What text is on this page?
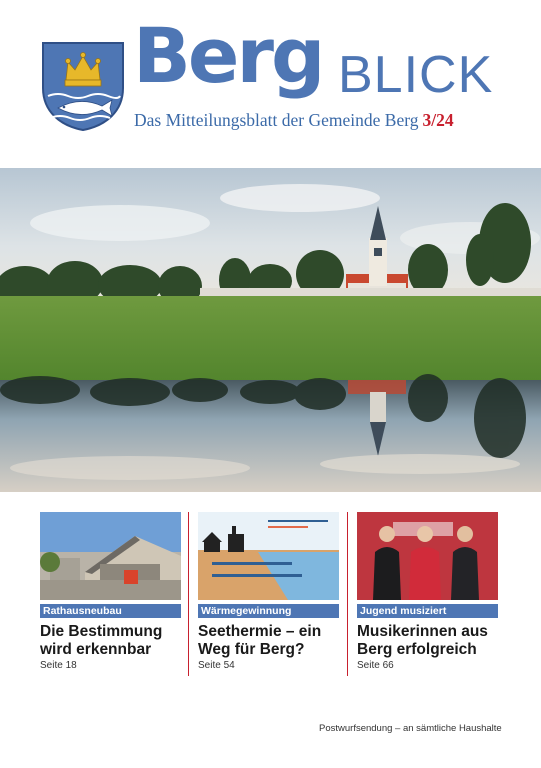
Berg BLICK
Das Mitteilungsblatt der Gemeinde Berg 3/24
Rathausneubau
Die Bestimmung
wird erkennbar
Seite 18
Wärmegewinnung
Seethermie – ein
Weg für Berg?
Seite 54
Jugend musiziert
Musikerinnen aus
Berg erfolgreich
Seite 66
Postwurfsendung – an sämtliche Haushalte
